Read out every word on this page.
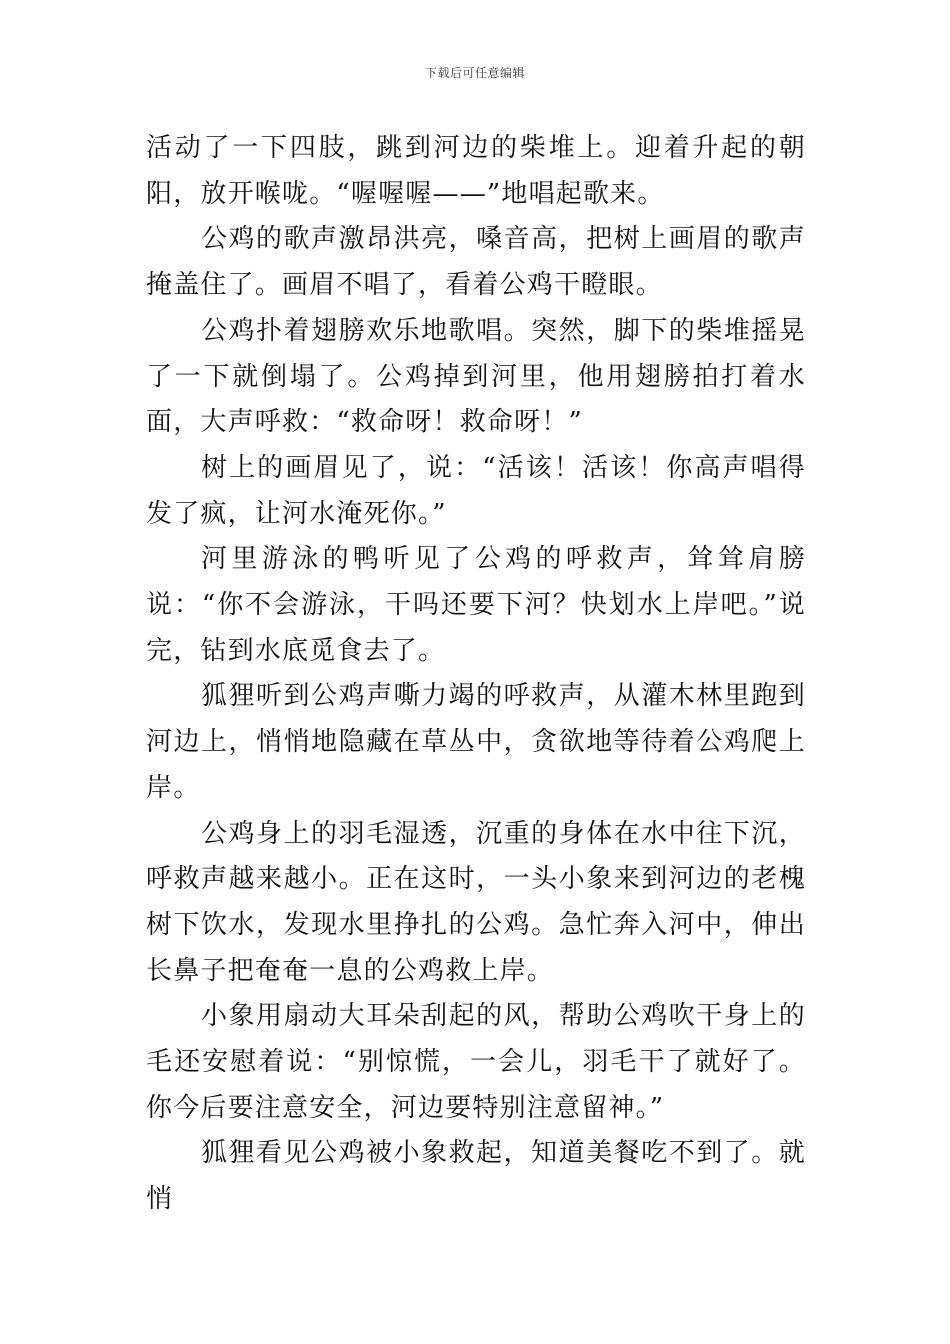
下载后可任意编辑

活动了一下四肢，跳到河边的柴堆上。迎着升起的朝阳，放开喉咙。“喔喔喔——”地唱起歌来。

公鸡的歌声激昂洪亮，嗓音高，把树上画眉的歌声掩盖住了。画眉不唱了，看着公鸡干瞪眼。

公鸡扑着翅膀欢乐地歌唱。突然，脚下的柴堆摇晃了一下就倒塌了。公鸡掉到河里，他用翅膀拍打着水面，大声呼救：“救命呀！救命呀！”

树上的画眉见了，说：“活该！活该！你高声唱得发了疯，让河水淹死你。”

河里游泳的鸭听见了公鸡的呼救声，耸耸肩膀说：“你不会游泳，干吗还要下河？快划水上岸吧。”说完，钻到水底觅食去了。

狐狸听到公鸡声嘶力竭的呼救声，从灌木林里跑到河边上，悄悄地隐藏在草丛中，贪欲地等待着公鸡爬上岸。

公鸡身上的羽毛湿透，沉重的身体在水中往下沉，呼救声越来越小。正在这时，一头小象来到河边的老槐树下饮水，发现水里挣扎的公鸡。急忙奔入河中，伸出长鼻子把奄奄一息的公鸡救上岸。

小象用扇动大耳朵刮起的风，帮助公鸡吹干身上的毛还安慰着说：“别惊慌，一会儿，羽毛干了就好了。你今后要注意安全，河边要特别注意留神。”

狐狸看见公鸡被小象救起，知道美餐吃不到了。就悄
